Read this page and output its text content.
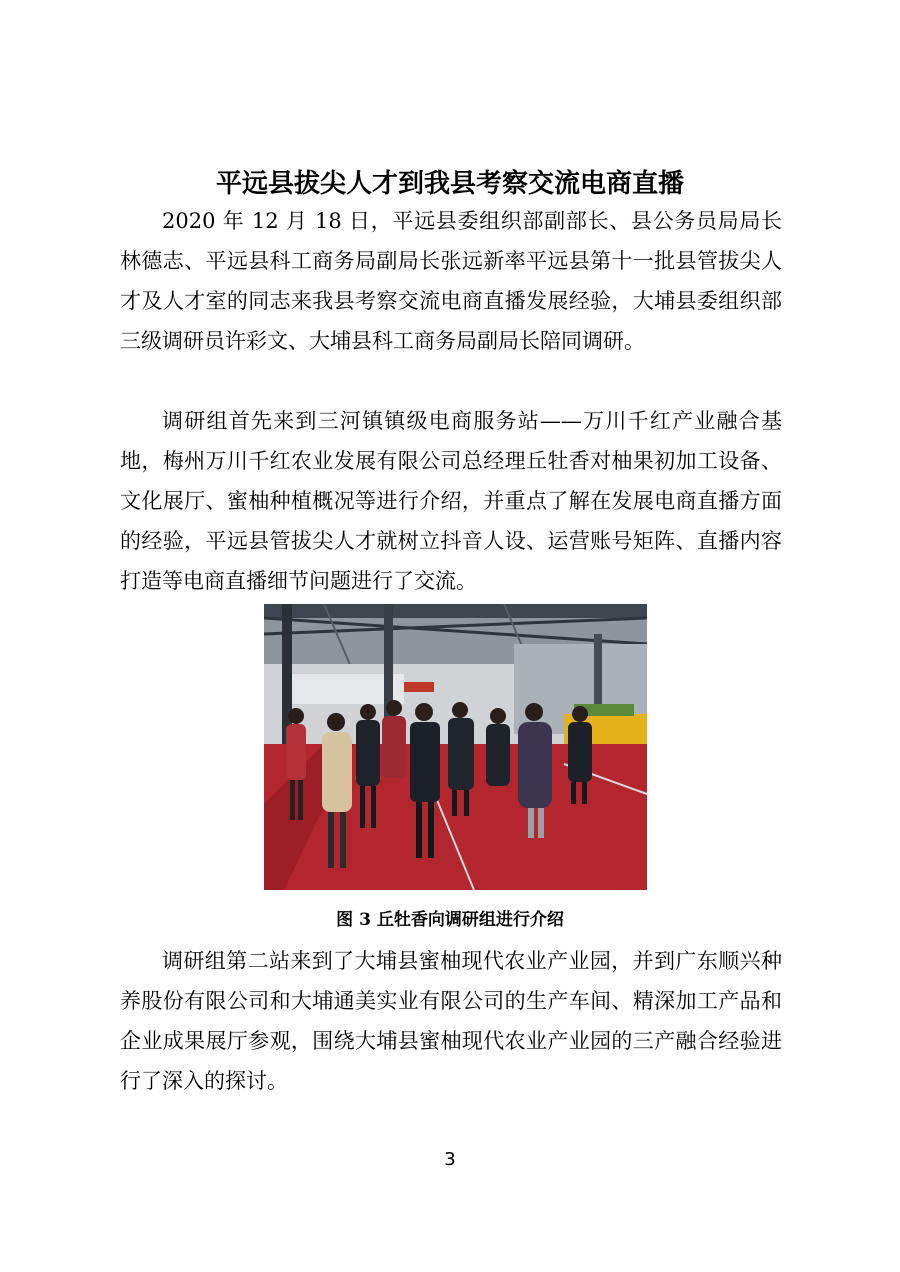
平远县拔尖人才到我县考察交流电商直播
2020 年 12 月 18 日，平远县委组织部副部长、县公务员局局长林德志、平远县科工商务局副局长张远新率平远县第十一批县管拔尖人才及人才室的同志来我县考察交流电商直播发展经验，大埔县委组织部三级调研员许彩文、大埔县科工商务局副局长陪同调研。
调研组首先来到三河镇镇级电商服务站——万川千红产业融合基地，梅州万川千红农业发展有限公司总经理丘牡香对柚果初加工设备、文化展厅、蜜柚种植概况等进行介绍，并重点了解在发展电商直播方面的经验，平远县管拔尖人才就树立抖音人设、运营账号矩阵、直播内容打造等电商直播细节问题进行了交流。
图 3 丘牡香向调研组进行介绍
调研组第二站来到了大埔县蜜柚现代农业产业园，并到广东顺兴种养股份有限公司和大埔通美实业有限公司的生产车间、精深加工产品和企业成果展厅参观，围绕大埔县蜜柚现代农业产业园的三产融合经验进行了深入的探讨。
3
